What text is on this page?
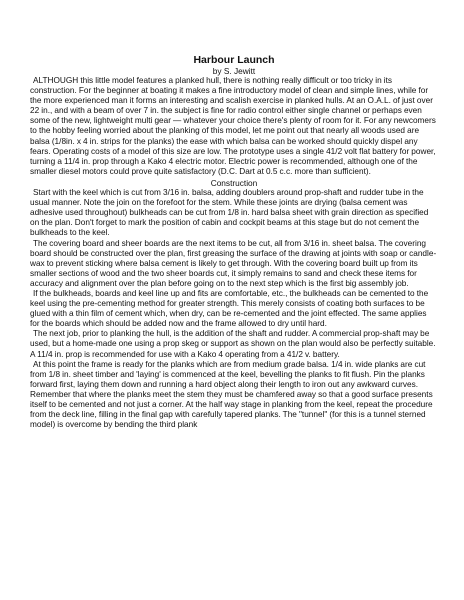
Harbour Launch

by S. Jewitt

ALTHOUGH this little model features a planked hull, there is nothing really difficult or too tricky in its construction. For the beginner at boating it makes a fine introductory model of clean and simple lines, while for the more experienced man it forms an interesting and scalish exercise in planked hulls. At an O.A.L. of just over 22 in., and with a beam of over 7 in. the subject is fine for radio control either single channel or perhaps even some of the new, lightweight multi gear — whatever your choice there's plenty of room for it. For any newcomers to the hobby feeling worried about the planking of this model, let me point out that nearly all woods used are balsa (1/8in. x 4 in. strips for the planks) the ease with which balsa can be worked should quickly dispel any fears. Operating costs of a model of this size are low. The prototype uses a single 41/2 volt flat battery for power, turning a 11/4 in. prop through a Kako 4 electric motor. Electric power is recommended, although one of the smaller diesel motors could prove quite satisfactory (D.C. Dart at 0.5 c.c. more than sufficient).

Construction

Start with the keel which is cut from 3/16 in. balsa, adding doublers around prop-shaft and rudder tube in the usual manner. Note the join on the forefoot for the stem. While these joints are drying (balsa cement was adhesive used throughout) bulkheads can be cut from 1/8 in. hard balsa sheet with grain direction as specified on the plan. Don't forget to mark the position of cabin and cockpit beams at this stage but do not cement the bulkheads to the keel.

The covering board and sheer boards are the next items to be cut, all from 3/16 in. sheet balsa. The covering board should be constructed over the plan, first greasing the surface of the drawing at joints with soap or candle-wax to prevent sticking where balsa cement is likely to get through. With the covering board built up from its smaller sections of wood and the two sheer boards cut, it simply remains to sand and check these items for accuracy and alignment over the plan before going on to the next step which is the first big assembly job.

If the bulkheads, boards and keel line up and fits are comfortable, etc., the bulkheads can be cemented to the keel using the pre-cementing method for greater strength. This merely consists of coating both surfaces to be glued with a thin film of cement which, when dry, can be re-cemented and the joint effected. The same applies for the boards which should be added now and the frame allowed to dry until hard.

The next job, prior to planking the hull, is the addition of the shaft and rudder. A commercial prop-shaft may be used, but a home-made one using a prop skeg or support as shown on the plan would also be perfectly suitable. A 11/4 in. prop is recommended for use with a Kako 4 operating from a 41/2 v. battery.

At this point the frame is ready for the planks which are from medium grade balsa. 1/4 in. wide planks are cut from 1/8 in. sheet timber and 'laying' is commenced at the keel, bevelling the planks to fit flush. Pin the planks forward first, laying them down and running a hard object along their length to iron out any awkward curves. Remember that where the planks meet the stem they must be chamfered away so that a good surface presents itself to be cemented and not just a corner. At the half way stage in planking from the keel, repeat the procedure from the deck line, filling in the final gap with carefully tapered planks. The "tunnel" (for this is a tunnel sterned model) is overcome by bending the third plank
